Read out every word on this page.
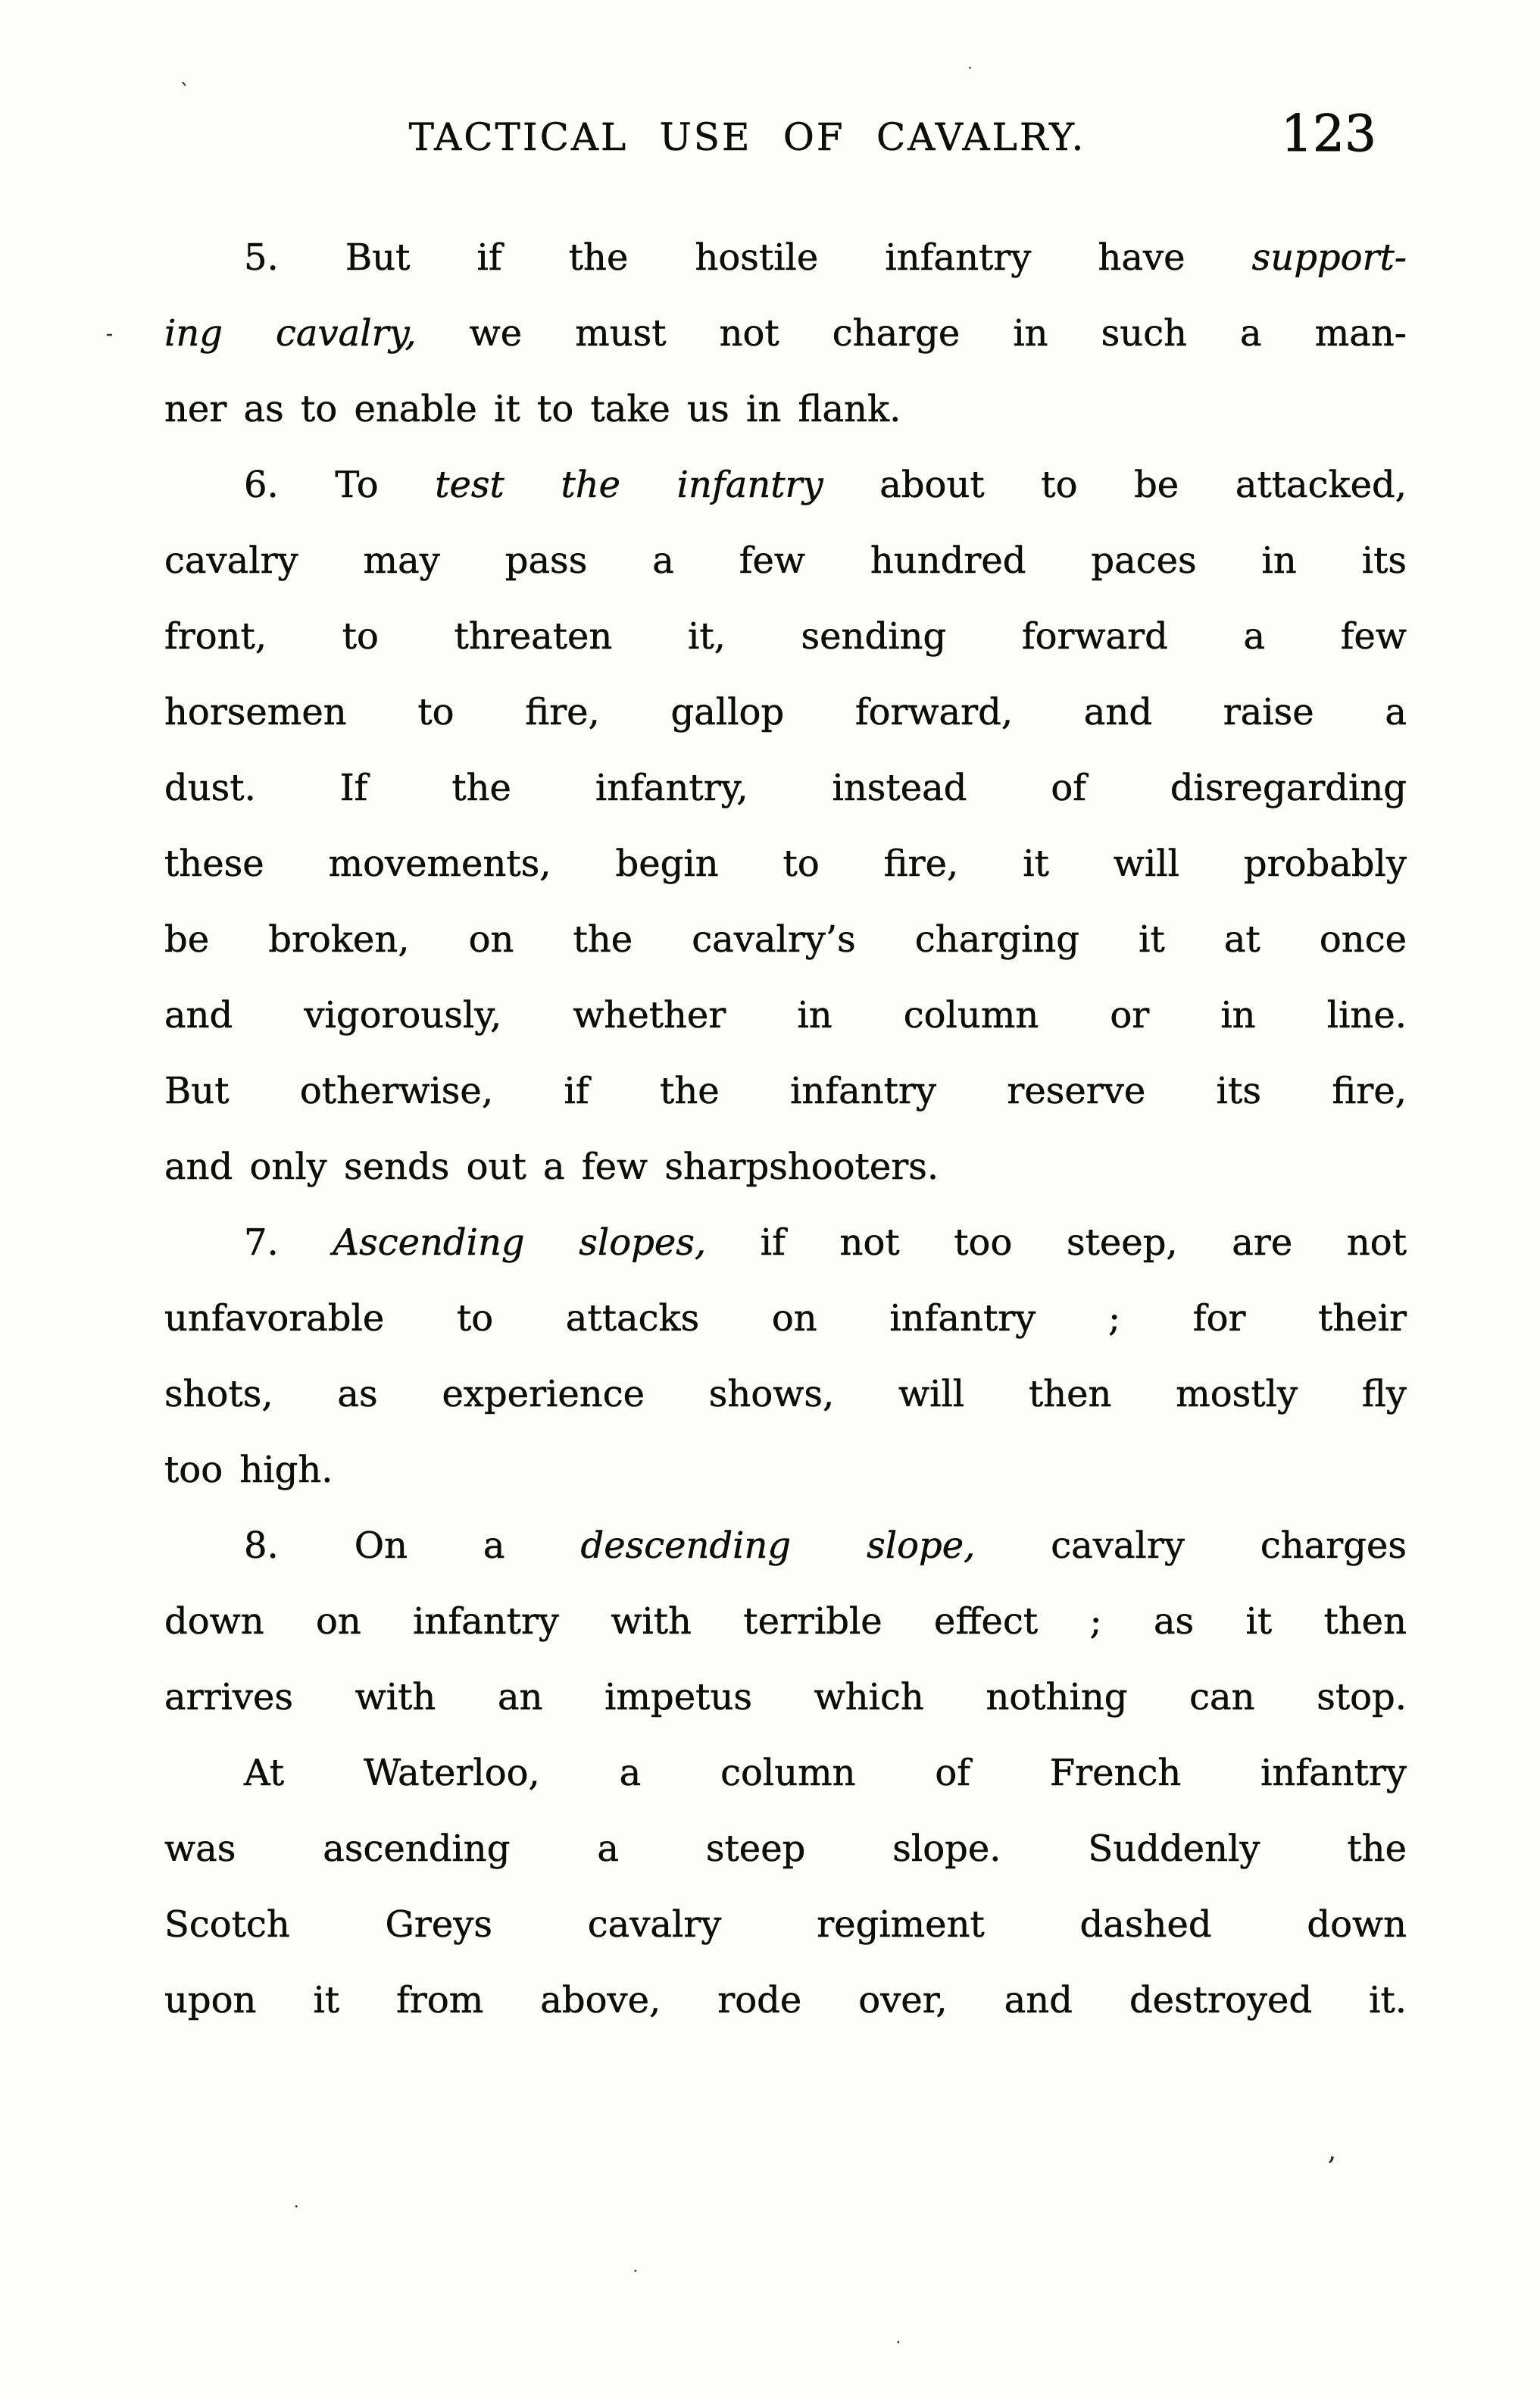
TACTICAL USE OF CAVALRY.	123
5. But if the hostile infantry have support-
ing cavalry, we must not charge in such a man-
ner as to enable it to take us in flank.
6. To test the infantry about to be attacked,
cavalry may pass a few hundred paces in its
front, to threaten it, sending forward a few
horsemen to fire, gallop forward, and raise a
dust. If the infantry, instead of disregarding
these movements, begin to fire, it will probably
be broken, on the cavalry’s charging it at once
and vigorously, whether in column or in line.
But otherwise, if the infantry reserve its fire,
and only sends out a few sharpshooters.
7. Ascending slopes, if not too steep, are not
unfavorable to attacks on infantry ; for their
shots, as experience shows, will then mostly fly
too high.
8. On a descending slope, cavalry charges
down on infantry with terrible effect ; as it then
arrives with an impetus which nothing can stop.
At Waterloo, a column of French infantry
was ascending a steep slope. Suddenly the
Scotch Greys cavalry regiment dashed down
upon it from above, rode over, and destroyed it.
`
·
-
,
.
.
.
